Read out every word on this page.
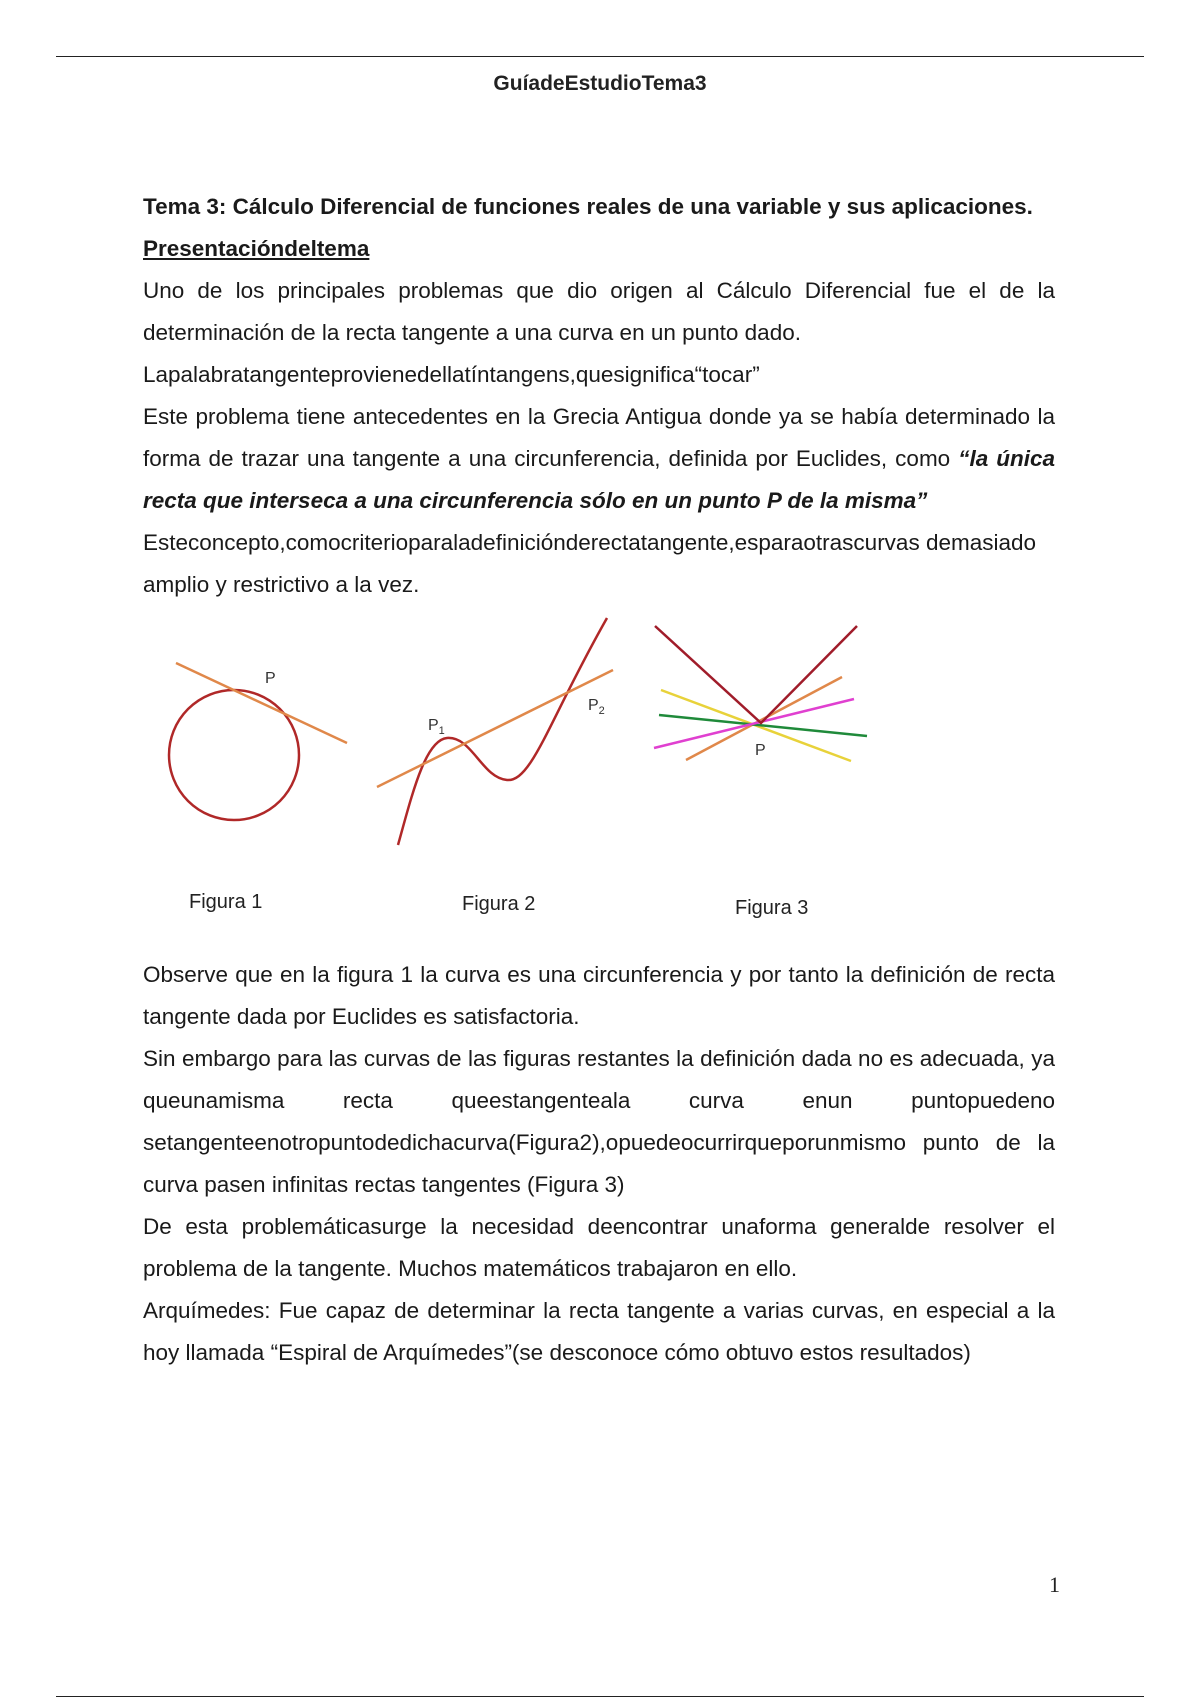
GuíadeEstudioTema3

Tema 3: Cálculo Diferencial de funciones reales de una variable y sus aplicaciones.

Presentacióndeltema

Uno de los principales problemas que dio origen al Cálculo Diferencial fue el de la determinación de la recta tangente a una curva en un punto dado.

Lapalabratangenteprovienedellatíntangens,quesignifica“tocar”

Este problema tiene antecedentes en la Grecia Antigua donde ya se había determinado la forma de trazar una tangente a una circunferencia, definida por Euclides, como “la única recta que interseca a una circunferencia sólo en un punto P de la misma”

Esteconcepto,comocriterioparaladefiniciónderectatangente,esparaotrascurvas demasiado amplio y restrictivo a la vez.

P
Figura 1
$P_1$
$P_2$
Figura 2
P
Figura 3

Observe que en la figura 1 la curva es una circunferencia y por tanto la definición de recta tangente dada por Euclides es satisfactoria.

Sin embargo para las curvas de las figuras restantes la definición dada no es adecuada, ya queunamisma recta queestangenteala curva enun puntopuedeno setangenteenotropuntodedichacurva(Figura2),opuedeocurrirqueporunmismo punto de la curva pasen infinitas rectas tangentes (Figura 3)

De esta problemáticasurge la necesidad deencontrar unaforma generalde resolver el problema de la tangente. Muchos matemáticos trabajaron en ello.

Arquímedes: Fue capaz de determinar la recta tangente a varias curvas, en especial a la hoy llamada “Espiral de Arquímedes”(se desconoce cómo obtuvo estos resultados)

1
